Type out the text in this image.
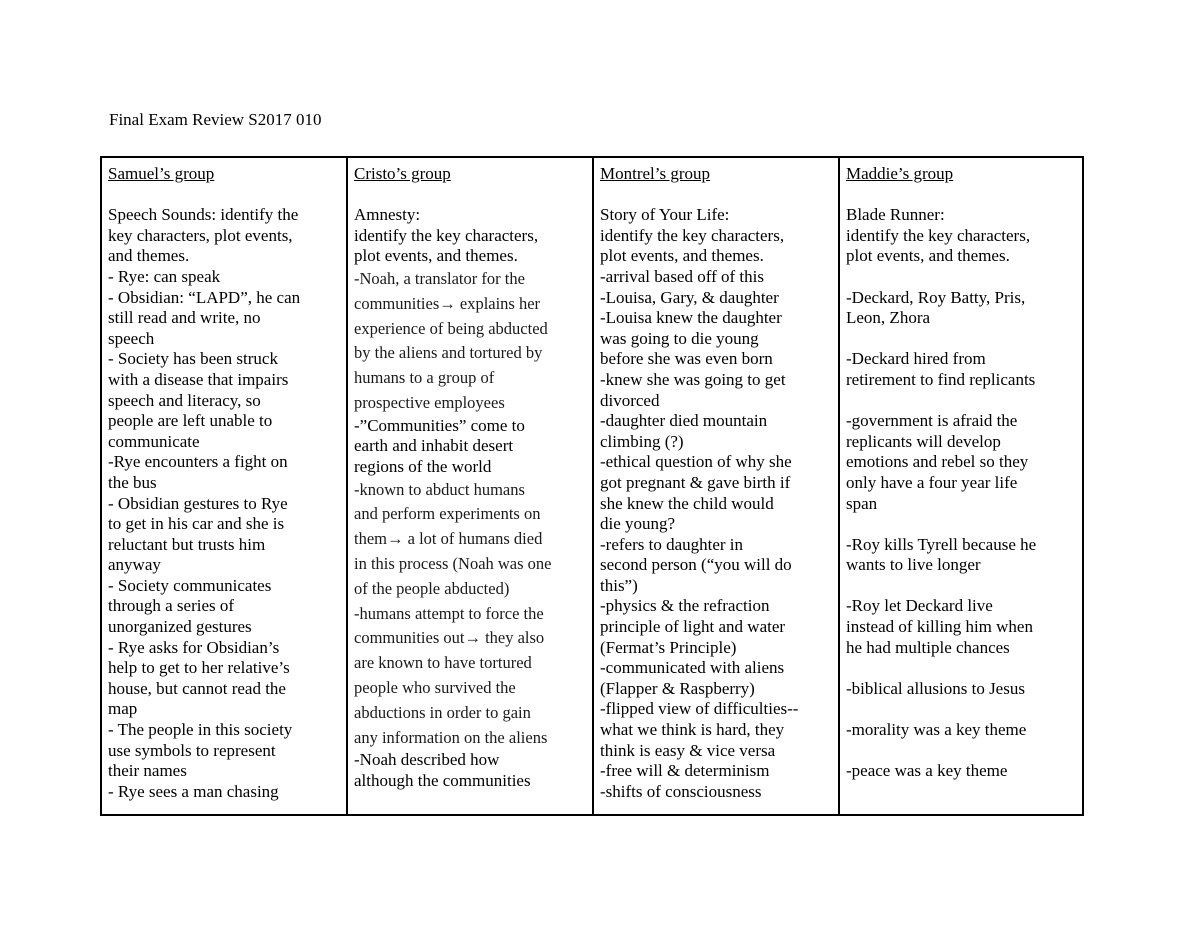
Final Exam Review S2017 010
Samuel’s group
Speech Sounds: identify the
key characters, plot events,
and themes.
- Rye: can speak
- Obsidian: “LAPD”, he can
still read and write, no
speech
- Society has been struck
with a disease that impairs
speech and literacy, so
people are left unable to
communicate
-Rye encounters a fight on
the bus
- Obsidian gestures to Rye
to get in his car and she is
reluctant but trusts him
anyway
- Society communicates
through a series of
unorganized gestures
- Rye asks for Obsidian’s
help to get to her relative’s
house, but cannot read the
map
- The people in this society
use symbols to represent
their names
- Rye sees a man chasing
Cristo’s group
Amnesty:
identify the key characters,
plot events, and themes.
-Noah, a translator for the
communities→ explains her
experience of being abducted
by the aliens and tortured by
humans to a group of
prospective employees
-”Communities” come to
earth and inhabit desert
regions of the world
-known to abduct humans
and perform experiments on
them→ a lot of humans died
in this process (Noah was one
of the people abducted)
-humans attempt to force the
communities out→ they also
are known to have tortured
people who survived the
abductions in order to gain
any information on the aliens
-Noah described how
although the communities
Montrel’s group
Story of Your Life:
identify the key characters,
plot events, and themes.
-arrival based off of this
-Louisa, Gary, & daughter
-Louisa knew the daughter
was going to die young
before she was even born
-knew she was going to get
divorced
-daughter died mountain
climbing (?)
-ethical question of why she
got pregnant & gave birth if
she knew the child would
die young?
-refers to daughter in
second person (“you will do
this”)
-physics & the refraction
principle of light and water
(Fermat’s Principle)
-communicated with aliens
(Flapper & Raspberry)
-flipped view of difficulties--
what we think is hard, they
think is easy & vice versa
-free will & determinism
-shifts of consciousness
Maddie’s group
Blade Runner:
identify the key characters,
plot events, and themes.
-Deckard, Roy Batty, Pris,
Leon, Zhora
-Deckard hired from
retirement to find replicants
-government is afraid the
replicants will develop
emotions and rebel so they
only have a four year life
span
-Roy kills Tyrell because he
wants to live longer
-Roy let Deckard live
instead of killing him when
he had multiple chances
-biblical allusions to Jesus
-morality was a key theme
-peace was a key theme
